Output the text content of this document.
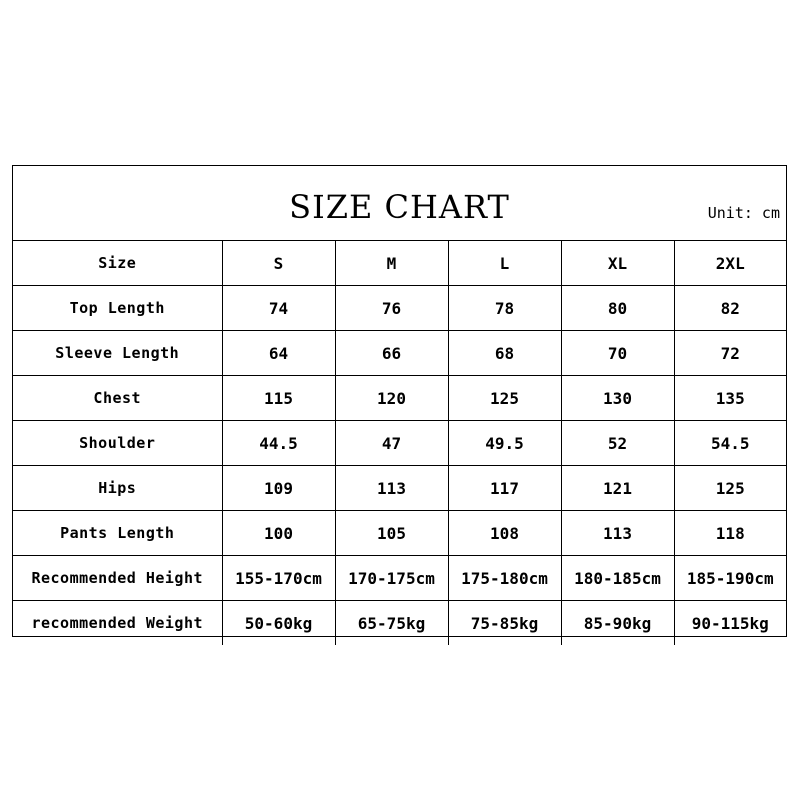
SIZE CHART	Unit: cm
Size	S	M	L	XL	2XL
Top Length	74	76	78	80	82
Sleeve Length	64	66	68	70	72
Chest	115	120	125	130	135
Shoulder	44.5	47	49.5	52	54.5
Hips	109	113	117	121	125
Pants Length	100	105	108	113	118
Recommended Height	155-170cm	170-175cm	175-180cm	180-185cm	185-190cm
recommended Weight	50-60kg	65-75kg	75-85kg	85-90kg	90-115kg
